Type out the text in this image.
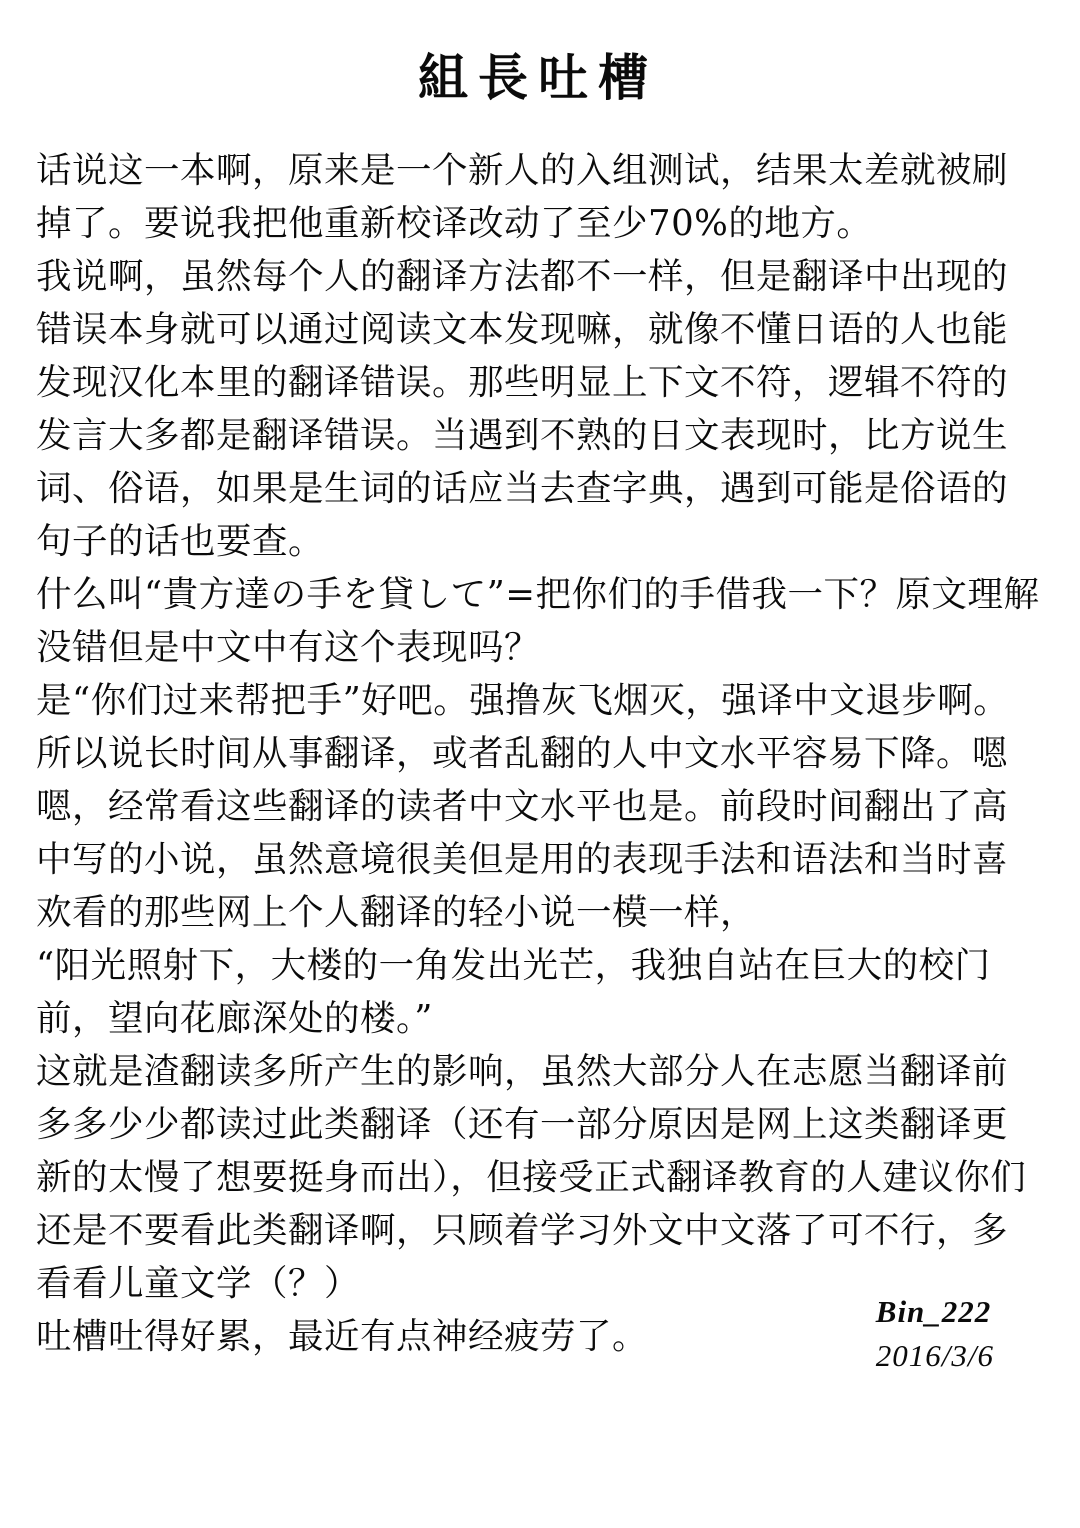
組長吐槽

话说这一本啊，原来是一个新人的入组测试，结果太差就被刷掉了。要说我把他重新校译改动了至少70%的地方。

我说啊，虽然每个人的翻译方法都不一样，但是翻译中出现的错误本身就可以通过阅读文本发现嘛，就像不懂日语的人也能发现汉化本里的翻译错误。那些明显上下文不符，逻辑不符的发言大多都是翻译错误。当遇到不熟的日文表现时，比方说生词、俗语，如果是生词的话应当去查字典，遇到可能是俗语的句子的话也要查。

什么叫“貴方達の手を貸して”=把你们的手借我一下？原文理解没错但是中文中有这个表现吗？

是“你们过来帮把手”好吧。强撸灰飞烟灭，强译中文退步啊。所以说长时间从事翻译，或者乱翻的人中文水平容易下降。嗯嗯，经常看这些翻译的读者中文水平也是。前段时间翻出了高中写的小说，虽然意境很美但是用的表现手法和语法和当时喜欢看的那些网上个人翻译的轻小说一模一样，

“阳光照射下，大楼的一角发出光芒，我独自站在巨大的校门前，望向花廊深处的楼。”

这就是渣翻读多所产生的影响，虽然大部分人在志愿当翻译前多多少少都读过此类翻译（还有一部分原因是网上这类翻译更新的太慢了想要挺身而出），但接受正式翻译教育的人建议你们还是不要看此类翻译啊，只顾着学习外文中文落了可不行，多看看儿童文学（？）

吐槽吐得好累，最近有点神经疲劳了。

Bin_222
2016/3/6
